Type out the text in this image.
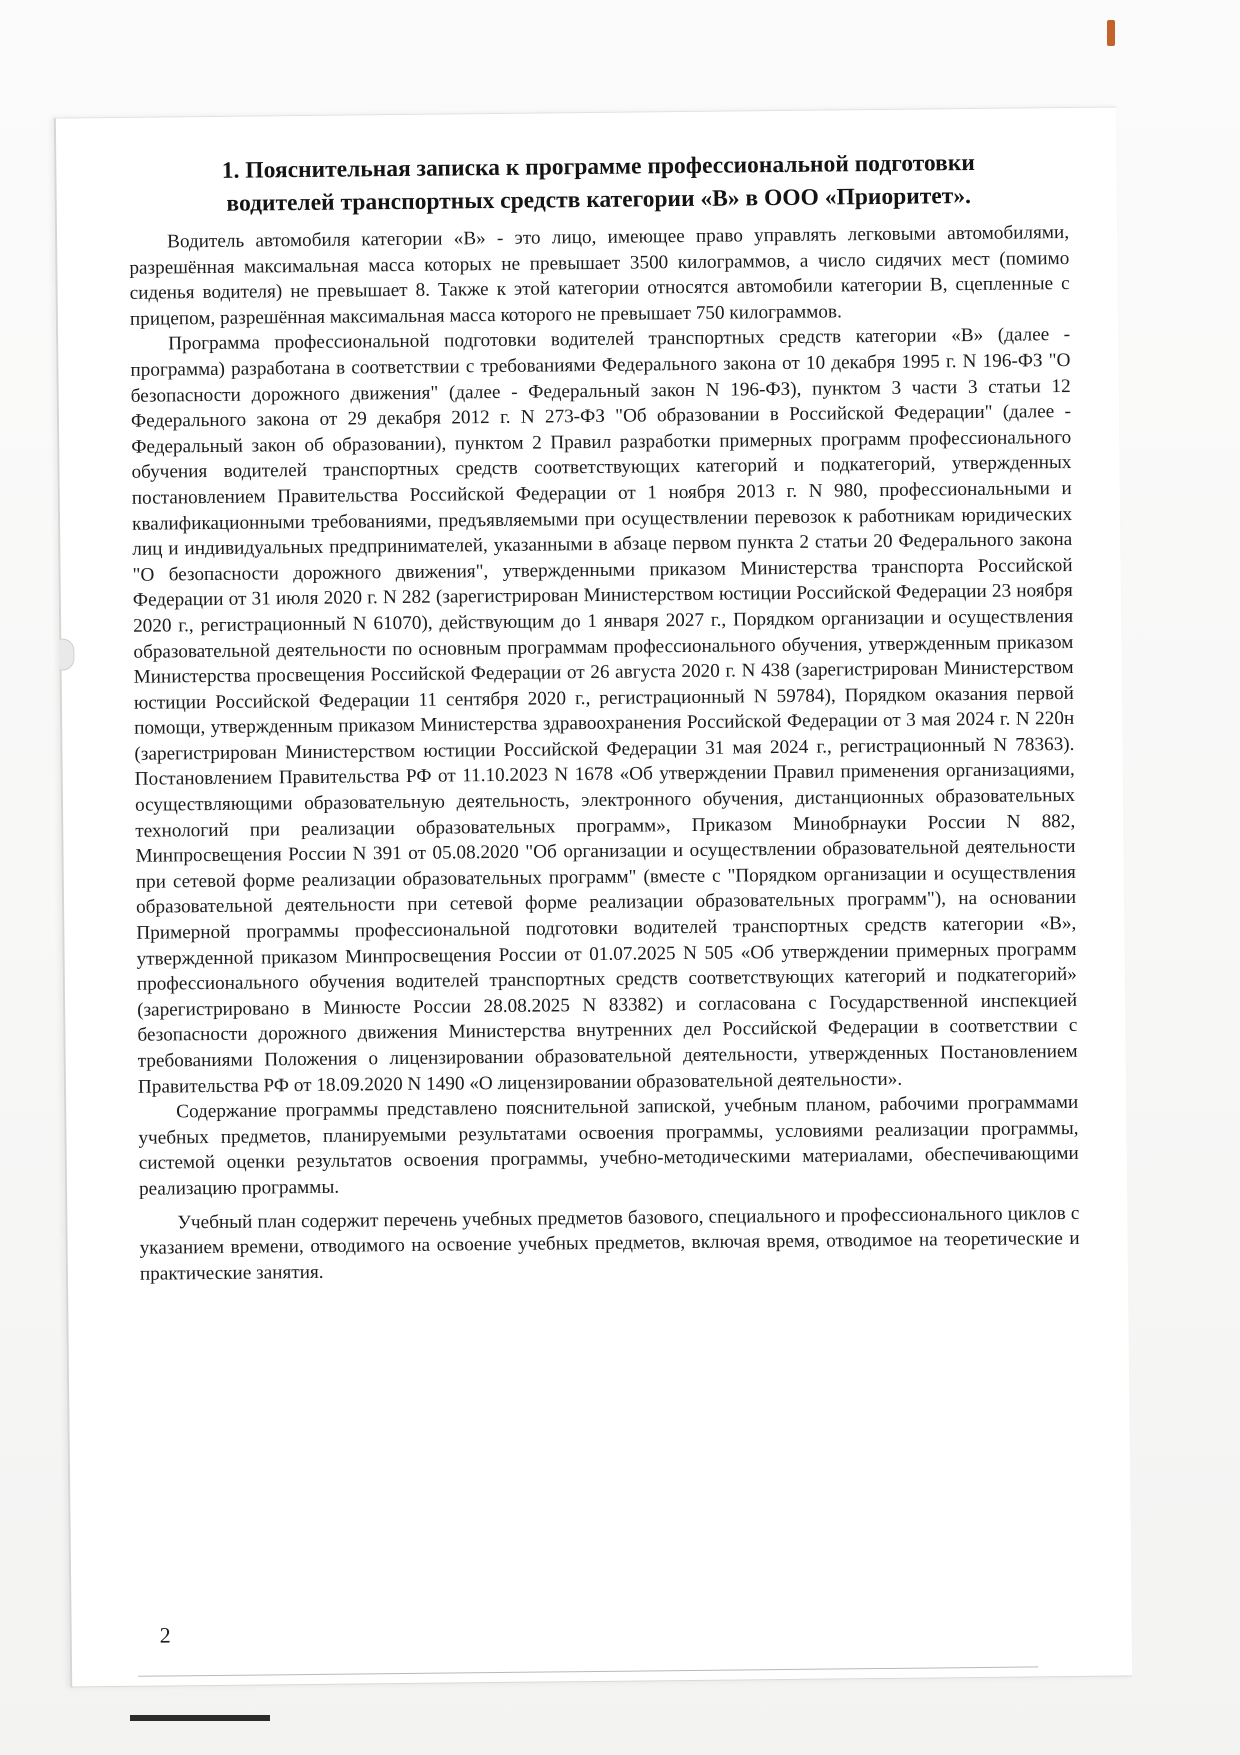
1. Пояснительная записка к программе профессиональной подготовки
водителей транспортных средств категории «В» в ООО «Приоритет».

Водитель автомобиля категории «В» - это лицо, имеющее право управлять легковыми автомобилями, разрешённая максимальная масса которых не превышает 3500 килограммов, а число сидячих мест (помимо сиденья водителя) не превышает 8. Также к этой категории относятся автомобили категории В, сцепленные с прицепом, разрешённая максимальная масса которого не превышает 750 килограммов.

Программа профессиональной подготовки водителей транспортных средств категории «В» (далее - программа) разработана в соответствии с требованиями Федерального закона от 10 декабря 1995 г. N 196-ФЗ "О безопасности дорожного движения" (далее - Федеральный закон N 196-ФЗ), пунктом 3 части 3 статьи 12 Федерального закона от 29 декабря 2012 г. N 273-ФЗ "Об образовании в Российской Федерации" (далее - Федеральный закон об образовании), пунктом 2 Правил разработки примерных программ профессионального обучения водителей транспортных средств соответствующих категорий и подкатегорий, утвержденных постановлением Правительства Российской Федерации от 1 ноября 2013 г. N 980, профессиональными и квалификационными требованиями, предъявляемыми при осуществлении перевозок к работникам юридических лиц и индивидуальных предпринимателей, указанными в абзаце первом пункта 2 статьи 20 Федерального закона "О безопасности дорожного движения", утвержденными приказом Министерства транспорта Российской Федерации от 31 июля 2020 г. N 282 (зарегистрирован Министерством юстиции Российской Федерации 23 ноября 2020 г., регистрационный N 61070), действующим до 1 января 2027 г., Порядком организации и осуществления образовательной деятельности по основным программам профессионального обучения, утвержденным приказом Министерства просвещения Российской Федерации от 26 августа 2020 г. N 438 (зарегистрирован Министерством юстиции Российской Федерации 11 сентября 2020 г., регистрационный N 59784), Порядком оказания первой помощи, утвержденным приказом Министерства здравоохранения Российской Федерации от 3 мая 2024 г. N 220н (зарегистрирован Министерством юстиции Российской Федерации 31 мая 2024 г., регистрационный N 78363). Постановлением Правительства РФ от 11.10.2023 N 1678 «Об утверждении Правил применения организациями, осуществляющими образовательную деятельность, электронного обучения, дистанционных образовательных технологий при реализации образовательных программ», Приказом Минобрнауки России N 882, Минпросвещения России N 391 от 05.08.2020 "Об организации и осуществлении образовательной деятельности при сетевой форме реализации образовательных программ" (вместе с "Порядком организации и осуществления образовательной деятельности при сетевой форме реализации образовательных программ"), на основании Примерной программы профессиональной подготовки водителей транспортных средств категории «В», утвержденной приказом Минпросвещения России от 01.07.2025 N 505 «Об утверждении примерных программ профессионального обучения водителей транспортных средств соответствующих категорий и подкатегорий» (зарегистрировано в Минюсте России 28.08.2025 N 83382) и согласована с Государственной инспекцией безопасности дорожного движения Министерства внутренних дел Российской Федерации в соответствии с требованиями Положения о лицензировании образовательной деятельности, утвержденных Постановлением Правительства РФ от 18.09.2020 N 1490 «О лицензировании образовательной деятельности».

Содержание программы представлено пояснительной запиской, учебным планом, рабочими программами учебных предметов, планируемыми результатами освоения программы, условиями реализации программы, системой оценки результатов освоения программы, учебно-методическими материалами, обеспечивающими реализацию программы.

Учебный план содержит перечень учебных предметов базового, специального и профессионального циклов с указанием времени, отводимого на освоение учебных предметов, включая время, отводимое на теоретические и практические занятия.

2
